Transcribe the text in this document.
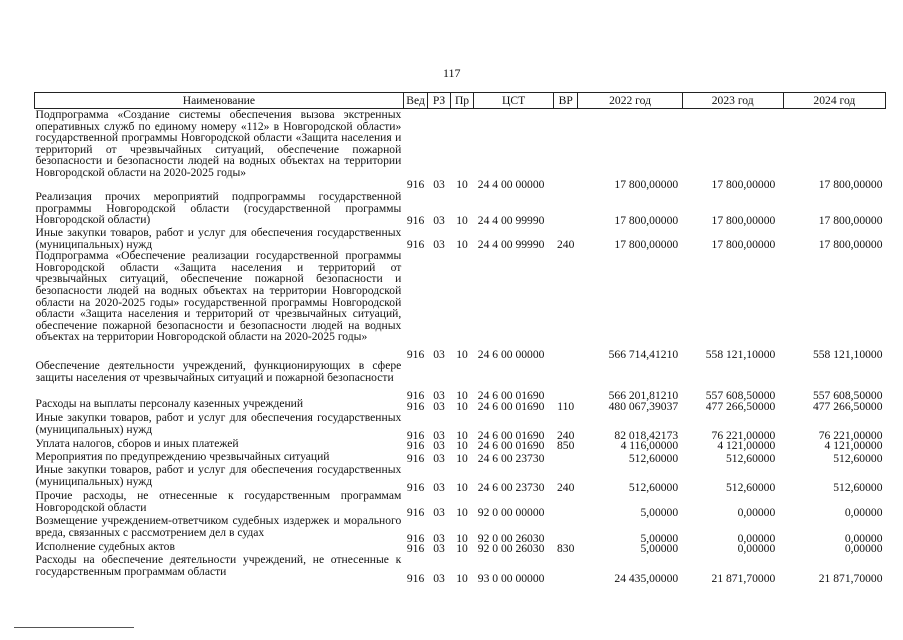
117
Наименование	Вед	РЗ	Пр	ЦСТ	ВР	2022 год	2023 год	2024 год
Подпрограмма «Создание системы обеспечения вызова экстренных оперативных служб по единому номеру «112» в Новгородской области» государственной программы Новгородской области «Защита населения и территорий от чрезвычайных ситуаций, обеспечение пожарной безопасности и безопасности людей на водных объектах на территории Новгородской области на 2020-2025 годы»	916	03	10	24 4 00 00000		17 800,00000	17 800,00000	17 800,00000
Реализация прочих мероприятий подпрограммы государственной программы Новгородской области (государственной программы Новгородской области)	916	03	10	24 4 00 99990		17 800,00000	17 800,00000	17 800,00000
Иные закупки товаров, работ и услуг для обеспечения государственных (муниципальных) нужд	916	03	10	24 4 00 99990	240	17 800,00000	17 800,00000	17 800,00000
Подпрограмма «Обеспечение реализации государственной программы Новгородской области «Защита населения и территорий от чрезвычайных ситуаций, обеспечение пожарной безопасности и безопасности людей на водных объектах на территории Новгородской области на 2020-2025 годы» государственной программы Новгородской области «Защита населения и территорий от чрезвычайных ситуаций, обеспечение пожарной безопасности и безопасности людей на водных объектах на территории Новгородской области на 2020-2025 годы»	916	03	10	24 6 00 00000		566 714,41210	558 121,10000	558 121,10000
Обеспечение деятельности учреждений, функционирующих в сфере защиты населения от чрезвычайных ситуаций и пожарной безопасности	916	03	10	24 6 00 01690		566 201,81210	557 608,50000	557 608,50000
Расходы на выплаты персоналу казенных учреждений	916	03	10	24 6 00 01690	110	480 067,39037	477 266,50000	477 266,50000
Иные закупки товаров, работ и услуг для обеспечения государственных (муниципальных) нужд	916	03	10	24 6 00 01690	240	82 018,42173	76 221,00000	76 221,00000
Уплата налогов, сборов и иных платежей	916	03	10	24 6 00 01690	850	4 116,00000	4 121,00000	4 121,00000
Мероприятия по предупреждению чрезвычайных ситуаций	916	03	10	24 6 00 23730		512,60000	512,60000	512,60000
Иные закупки товаров, работ и услуг для обеспечения государственных (муниципальных) нужд	916	03	10	24 6 00 23730	240	512,60000	512,60000	512,60000
Прочие расходы, не отнесенные к государственным программам Новгородской области	916	03	10	92 0 00 00000		5,00000	0,00000	0,00000
Возмещение учреждением-ответчиком судебных издержек и морального вреда, связанных с рассмотрением дел в судах	916	03	10	92 0 00 26030		5,00000	0,00000	0,00000
Исполнение судебных актов	916	03	10	92 0 00 26030	830	5,00000	0,00000	0,00000
Расходы на обеспечение деятельности учреждений, не отнесенные к государственным программам области	916	03	10	93 0 00 00000		24 435,00000	21 871,70000	21 871,70000
